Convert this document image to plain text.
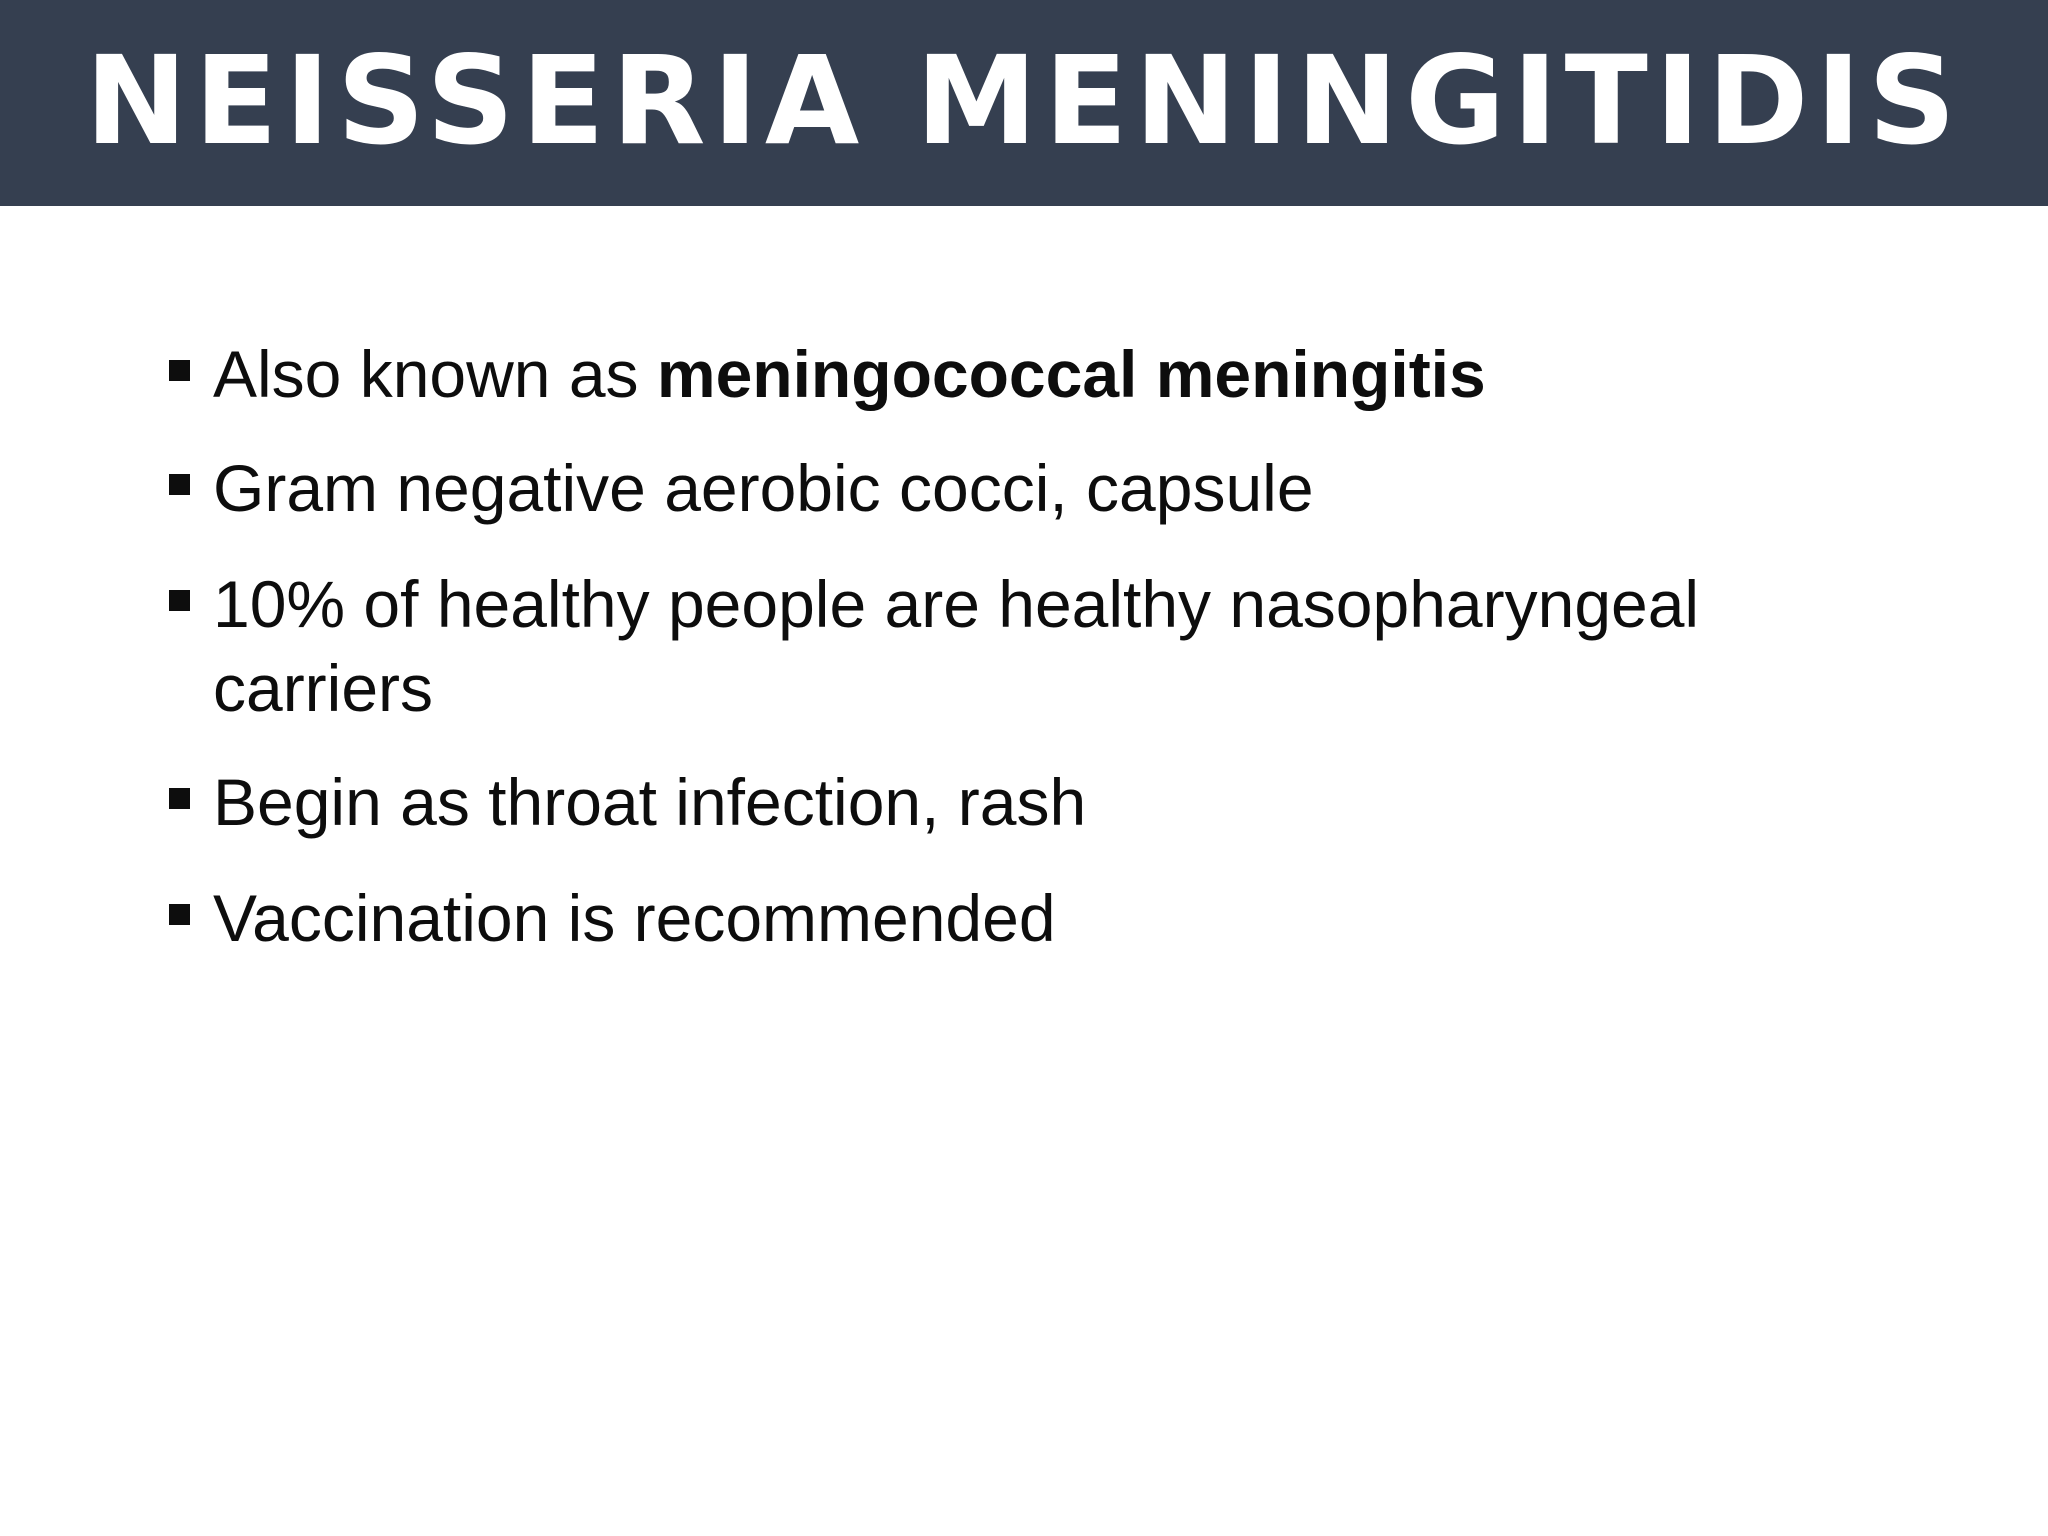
NEISSERIA MENINGITIDIS
Also known as meningococcal meningitis
Gram negative aerobic cocci, capsule
10% of healthy people are healthy nasopharyngeal
carriers
Begin as throat infection, rash
Vaccination is recommended
